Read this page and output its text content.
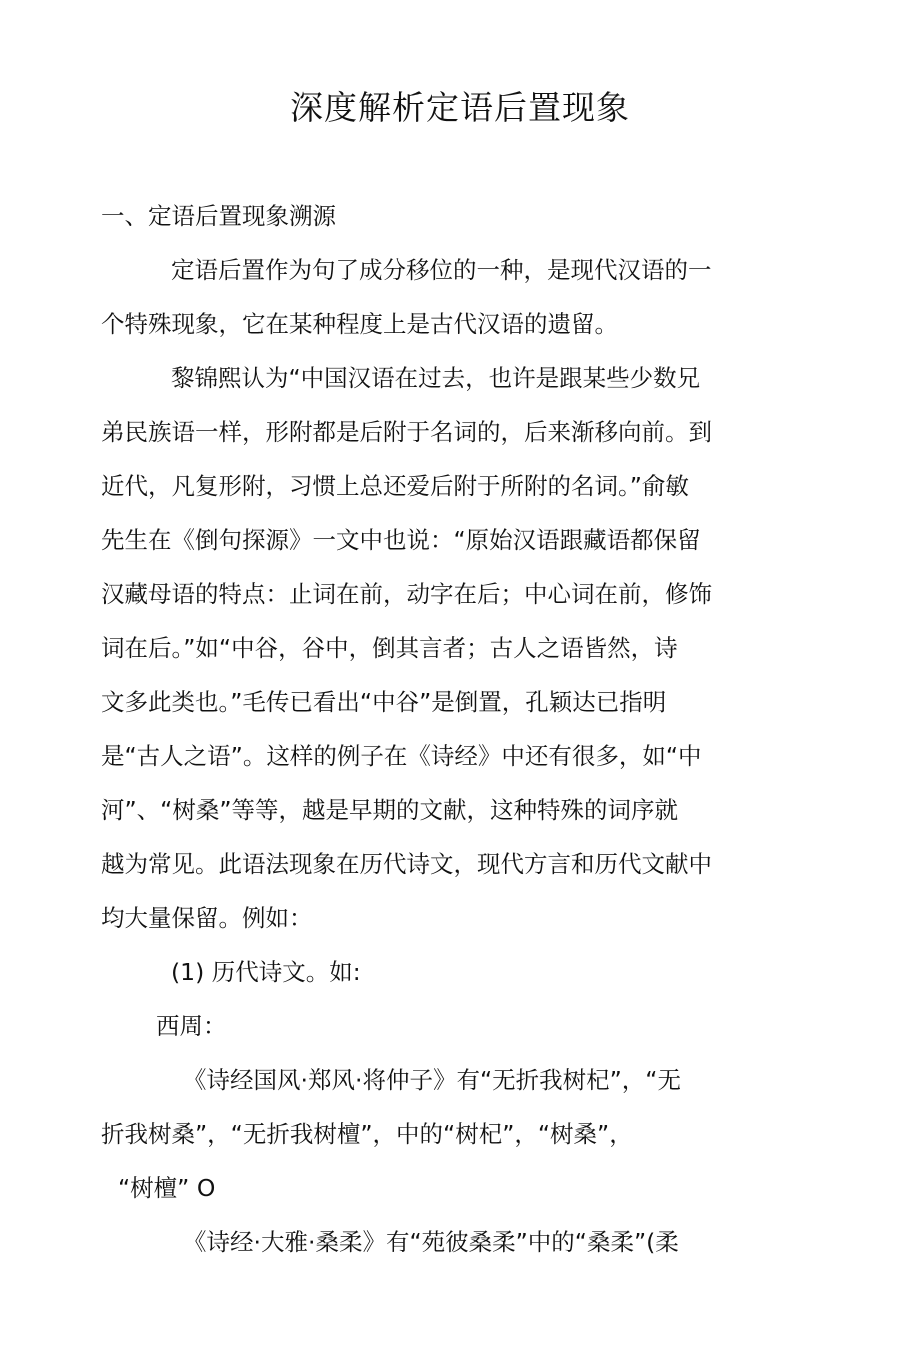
深度解析定语后置现象
一、定语后置现象溯源
定语后置作为句了成分移位的一种，是现代汉语的一
个特殊现象，它在某种程度上是古代汉语的遗留。
黎锦熙认为“中国汉语在过去，也许是跟某些少数兄
弟民族语一样，形附都是后附于名词的，后来渐移向前。到
近代，凡复形附，习惯上总还爱后附于所附的名词。”俞敏
先生在《倒句探源》一文中也说：“原始汉语跟藏语都保留
汉藏母语的特点：止词在前，动字在后；中心词在前，修饰
词在后。”如“中谷，谷中，倒其言者；古人之语皆然，诗
文多此类也。”毛传已看出“中谷”是倒置，孔颖达已指明
是“古人之语”。这样的例子在《诗经》中还有很多，如“中
河”、“树桑”等等，越是早期的文献，这种特殊的词序就
越为常见。此语法现象在历代诗文，现代方言和历代文献中
均大量保留。例如：
(1) 历代诗文。如:
西周：
《诗经国风·郑风·将仲子》有“无折我树杞”，“无
折我树桑”，“无折我树檀”，中的“树杞”，“树桑”，
“树檀” O
《诗经·大雅·桑柔》有“苑彼桑柔”中的“桑柔”(柔
